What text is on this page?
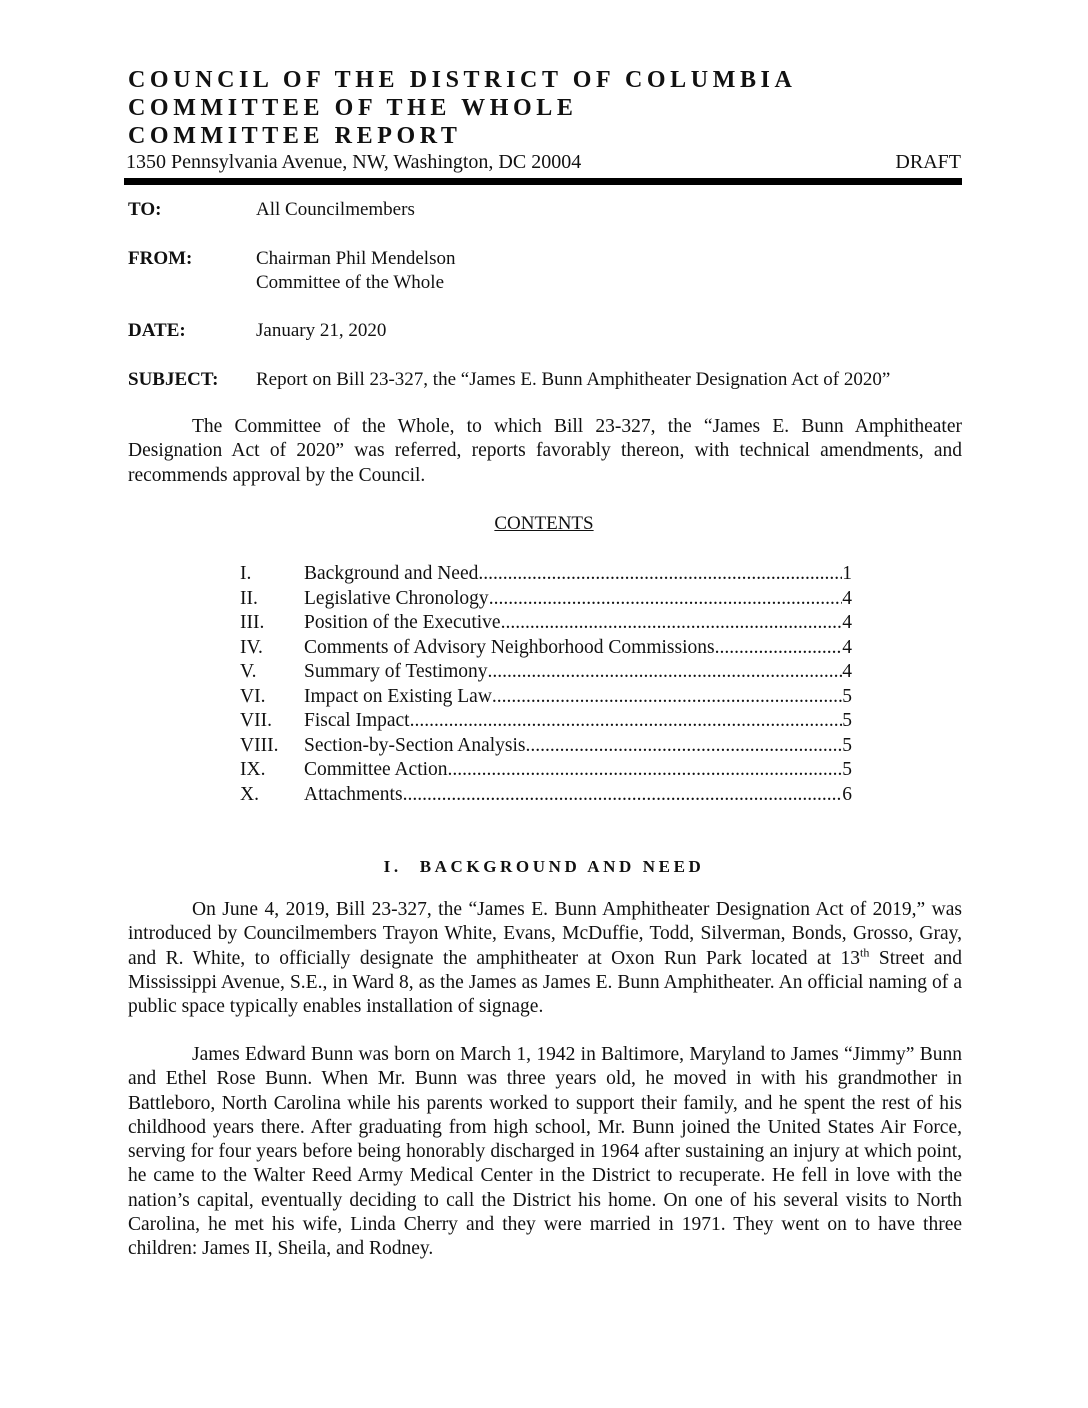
COUNCIL OF THE DISTRICT OF COLUMBIA
COMMITTEE OF THE WHOLE
COMMITTEE REPORT
1350 Pennsylvania Avenue, NW, Washington, DC 20004	DRAFT
TO:	All Councilmembers
FROM:	Chairman Phil Mendelson
Committee of the Whole
DATE:	January 21, 2020
SUBJECT: Report on Bill 23-327, the “James E. Bunn Amphitheater Designation Act of 2020”

The Committee of the Whole, to which Bill 23-327, the “James E. Bunn Amphitheater Designation Act of 2020” was referred, reports favorably thereon, with technical amendments, and recommends approval by the Council.

CONTENTS
I.	Background and Need .....	1
II. Legislative Chronology .....	4
III. Position of the Executive .....	4
IV. Comments of Advisory Neighborhood Commissions .....	4
V. Summary of Testimony .....	4
VI. Impact on Existing Law .....	5
VII. Fiscal Impact .....	5
VIII. Section-by-Section Analysis .....	5
IX. Committee Action .....	5
X. Attachments .....	6
I. BACKGROUND AND NEED

On June 4, 2019, Bill 23-327, the “James E. Bunn Amphitheater Designation Act of 2019,” was introduced by Councilmembers Trayon White, Evans, McDuffie, Todd, Silverman, Bonds, Grosso, Gray, and R. White, to officially designate the amphitheater at Oxon Run Park located at 13th Street and Mississippi Avenue, S.E., in Ward 8, as the James as James E. Bunn Amphitheater. An official naming of a public space typically enables installation of signage.

James Edward Bunn was born on March 1, 1942 in Baltimore, Maryland to James “Jimmy” Bunn and Ethel Rose Bunn. When Mr. Bunn was three years old, he moved in with his grandmother in Battleboro, North Carolina while his parents worked to support their family, and he spent the rest of his childhood years there. After graduating from high school, Mr. Bunn joined the United States Air Force, serving for four years before being honorably discharged in 1964 after sustaining an injury at which point, he came to the Walter Reed Army Medical Center in the District to recuperate. He fell in love with the nation’s capital, eventually deciding to call the District his home. On one of his several visits to North Carolina, he met his wife, Linda Cherry and they were married in 1971. They went on to have three children: James II, Sheila, and Rodney.
